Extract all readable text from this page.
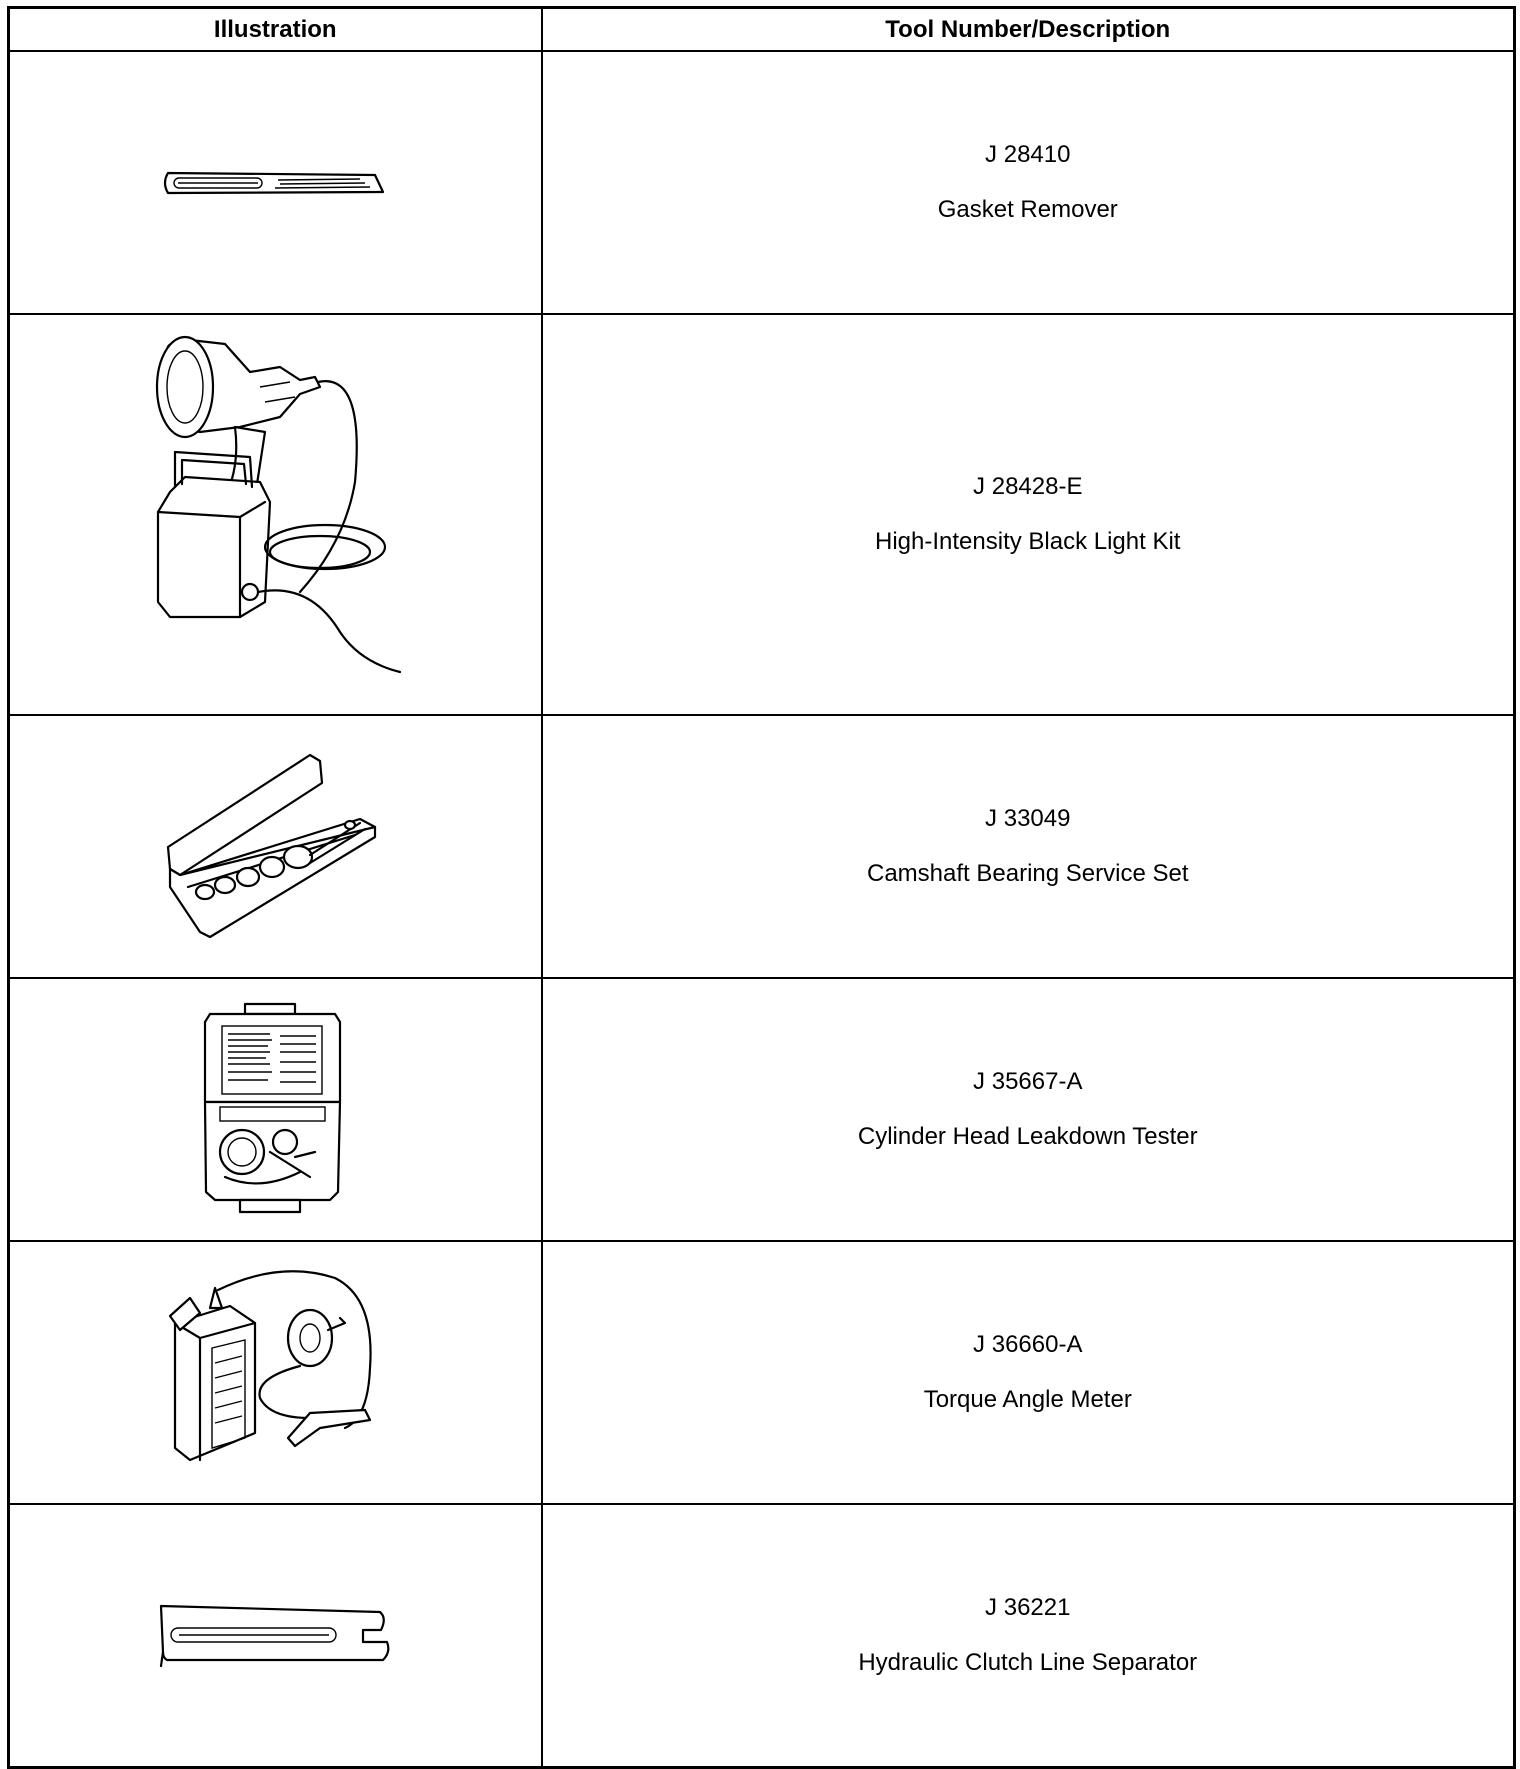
Illustration	Tool Number/Description

J 28410
Gasket Remover

J 28428-E
High-Intensity Black Light Kit

J 33049
Camshaft Bearing Service Set

J 35667-A
Cylinder Head Leakdown Tester

J 36660-A
Torque Angle Meter

J 36221
Hydraulic Clutch Line Separator
